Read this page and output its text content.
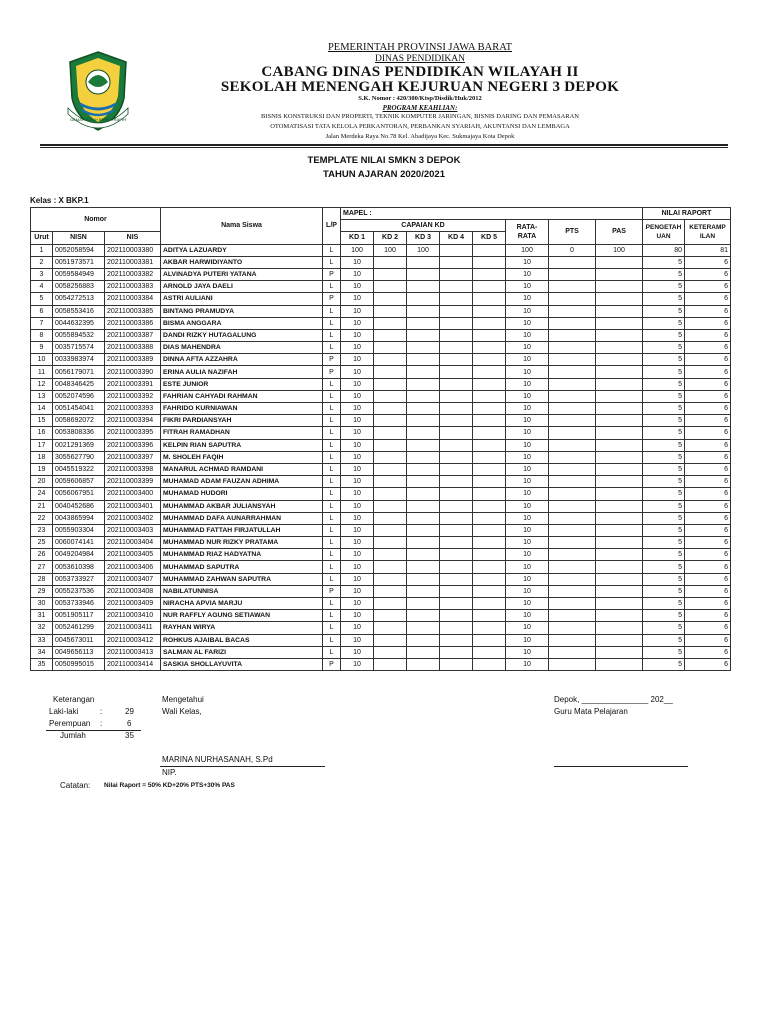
GEMAH RIPAH REPEH RAPIH
PEMERINTAH PROVINSI JAWA BARAT
DINAS PENDIDIKAN
CABANG DINAS PENDIDIKAN WILAYAH II
SEKOLAH MENENGAH KEJURUAN NEGERI 3 DEPOK
S.K. Nomor : 420/300/Ktsp/Disdik/Huk/2012
PROGRAM KEAHLIAN:
BISNIS KONSTRUKSI DAN PROPERTI, TEKNIK KOMPUTER JARINGAN, BISNIS DARING DAN PEMASARAN
OTOMATISASI TATA KELOLA PERKANTORAN, PERBANKAN SYARIAH, AKUNTANSI DAN LEMBAGA
Jalan Merdeka Raya No.78 Kel. Abadijaya Kec. Sukmajaya Kota Depok
TEMPLATE NILAI SMKN 3 DEPOK
TAHUN AJARAN 2020/2021
Kelas : X BKP.1
Nomor			Nama Siswa	L/P	MAPEL :								NILAI RAPORT	
					CAPAIAN KD					RATA-RATA	PTS	PAS	PENGETAH UAN	KETERAMP ILAN
Urut	NISN	NIS			KD 1	KD 2	KD 3	KD 4	KD 5					
1	0052058594	202110003380	ADITYA LAZUARDY	L	100	100	100			100	0	100	80	81
2	0051973571	202110003381	AKBAR HARWIDIYANTO	L	10					10			5	6
3	0059584949	202110003382	ALVINADYA PUTERI YATANA	P	10					10			5	6
4	0058256883	202110003383	ARNOLD JAYA DAELI	L	10					10			5	6
5	0054272513	202110003384	ASTRI AULIANI	P	10					10			5	6
6	0058553416	202110003385	BINTANG PRAMUDYA	L	10					10			5	6
7	0044632395	202110003386	BISMA ANGGARA	L	10					10			5	6
8	0055894532	202110003387	DANDI RIZKY HUTAGALUNG	L	10					10			5	6
9	0035715574	202110003388	DIAS MAHENDRA	L	10					10			5	6
10	0033983974	202110003389	DINNA AFTA AZZAHRA	P	10					10			5	6
11	0056179071	202110003390	ERINA AULIA NAZIFAH	P	10					10			5	6
12	0048346425	202110003391	ESTE JUNIOR	L	10					10			5	6
13	0052074596	202110003392	FAHRIAN CAHYADI RAHMAN	L	10					10			5	6
14	0051454041	202110003393	FAHRIDO KURNIAWAN	L	10					10			5	6
15	0058692072	202110003394	FIKRI PARDIANSYAH	L	10					10			5	6
16	0053808336	202110003395	FITRAH RAMADHAN	L	10					10			5	6
17	0021291369	202110003396	KELPIN RIAN SAPUTRA	L	10					10			5	6
18	3055627790	202110003397	M. SHOLEH FAQIH	L	10					10			5	6
19	0045519322	202110003398	MANARUL ACHMAD RAMDANI	L	10					10			5	6
20	0059606857	202110003399	MUHAMAD ADAM FAUZAN ADHIMA	L	10					10			5	6
24	0056067951	202110003400	MUHAMAD HUDORI	L	10					10			5	6
21	0040452686	202110003401	MUHAMMAD AKBAR JULIANSYAH	L	10					10			5	6
22	0043865994	202110003402	MUHAMMAD DAFA AUNARRAHMAN	L	10					10			5	6
23	0055903304	202110003403	MUHAMMAD FATTAH FIRJATULLAH	L	10					10			5	6
25	0060074141	202110003404	MUHAMMAD NUR RIZKY PRATAMA	L	10					10			5	6
26	0049204984	202110003405	MUHAMMAD RIAZ HADYATNA	L	10					10			5	6
27	0053610398	202110003406	MUHAMMAD SAPUTRA	L	10					10			5	6
28	0053733927	202110003407	MUHAMMAD ZAHWAN SAPUTRA	L	10					10			5	6
29	0055237536	202110003408	NABILATUNNISA	P	10					10			5	6
30	0053733946	202110003409	NIRACHA APVIA MARJU	L	10					10			5	6
31	0051905117	202110003410	NUR RAFFLY AGUNG SETIAWAN	L	10					10			5	6
32	0052461299	202110003411	RAYHAN WIRYA	L	10					10			5	6
33	0045673011	202110003412	ROHKUS AJAIBAL BACAS	L	10					10			5	6
34	0049656113	202110003413	SALMAN AL FARIZI	L	10					10			5	6
35	0050995015	202110003414	SASKIA SHOLLAYUVITA	P	10					10			5	6
Keterangan
Laki-laki	:	29
Perempuan :	6
Jumlah	35
Mengetahui
Wali Kelas,
MARINA NURHASANAH, S.Pd
NIP.
Depok, _______________ 202__
Guru Mata Pelajaran
Catatan: Nilai Raport = 50% KD+20% PTS+30% PAS
